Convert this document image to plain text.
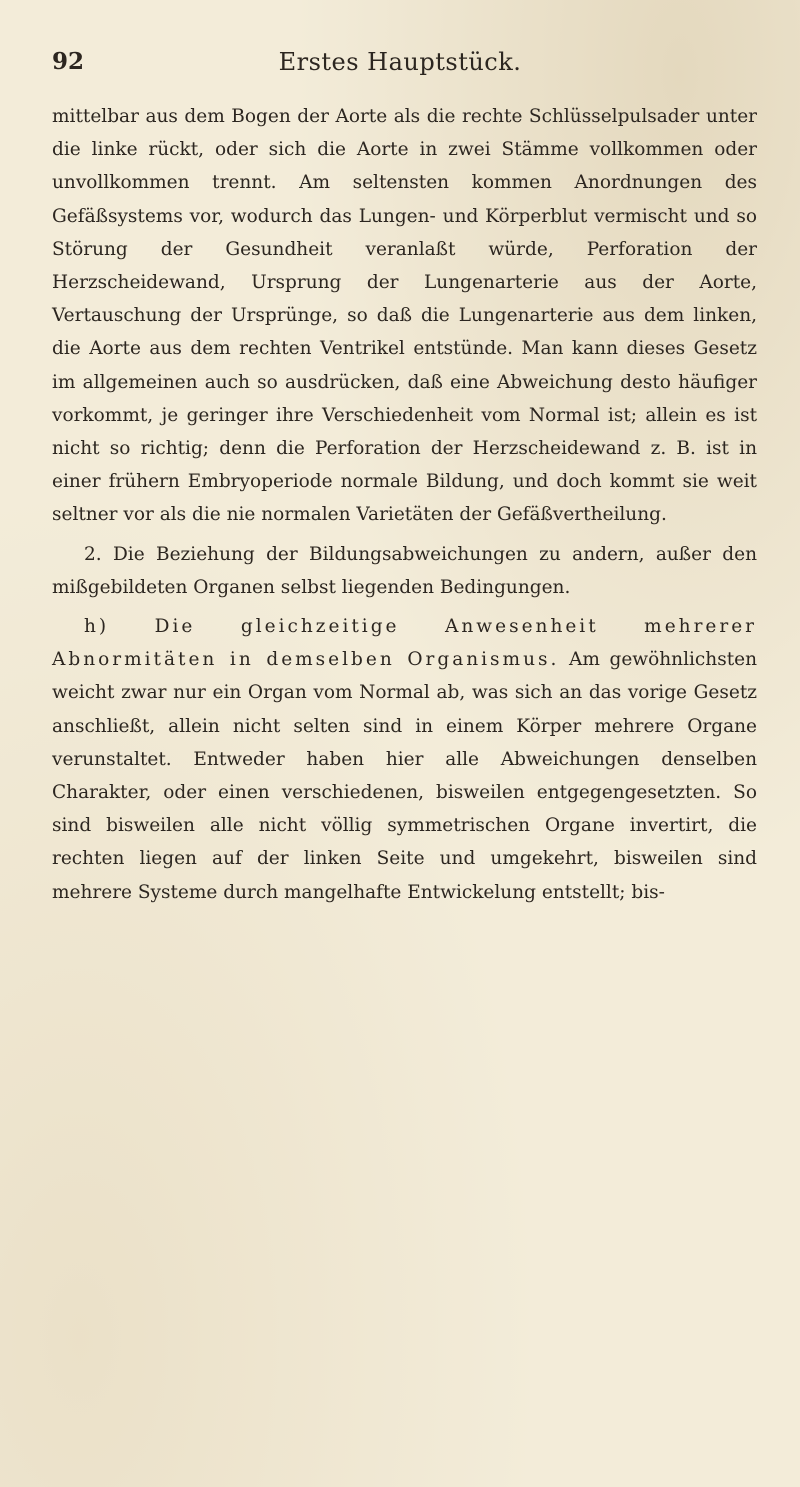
92	Erstes Hauptstück.

mittelbar aus dem Bogen der Aorte als die rechte Schlüsselpulsader unter die linke rückt, oder sich die Aorte in zwei Stämme vollkommen oder unvollkommen trennt. Am seltensten kommen Anordnungen des Gefäßsystems vor, wodurch das Lungen- und Körperblut vermischt und so Störung der Gesundheit veranlaßt würde, Perforation der Herzscheidewand, Ursprung der Lungenarterie aus der Aorte, Vertauschung der Ursprünge, so daß die Lungenarterie aus dem linken, die Aorte aus dem rechten Ventrikel entstünde. Man kann dieses Gesetz im allgemeinen auch so ausdrücken, daß eine Abweichung desto häufiger vorkommt, je geringer ihre Verschiedenheit vom Normal ist; allein es ist nicht so richtig; denn die Perforation der Herzscheidewand z. B. ist in einer frühern Embryoperiode normale Bildung, und doch kommt sie weit seltner vor als die nie normalen Varietäten der Gefäßvertheilung.

2. Die Beziehung der Bildungsabweichungen zu andern, außer den mißgebildeten Organen selbst liegenden Bedingungen.

h) Die gleichzeitige Anwesenheit mehrerer Abnormitäten in demselben Organismus. Am gewöhnlichsten weicht zwar nur ein Organ vom Normal ab, was sich an das vorige Gesetz anschließt, allein nicht selten sind in einem Körper mehrere Organe verunstaltet. Entweder haben hier alle Abweichungen denselben Charakter, oder einen verschiedenen, bisweilen entgegengesetzten. So sind bisweilen alle nicht völlig symmetrischen Organe invertirt, die rechten liegen auf der linken Seite und umgekehrt, bisweilen sind mehrere Systeme durch mangelhafte Entwickelung entstellt; bis-
